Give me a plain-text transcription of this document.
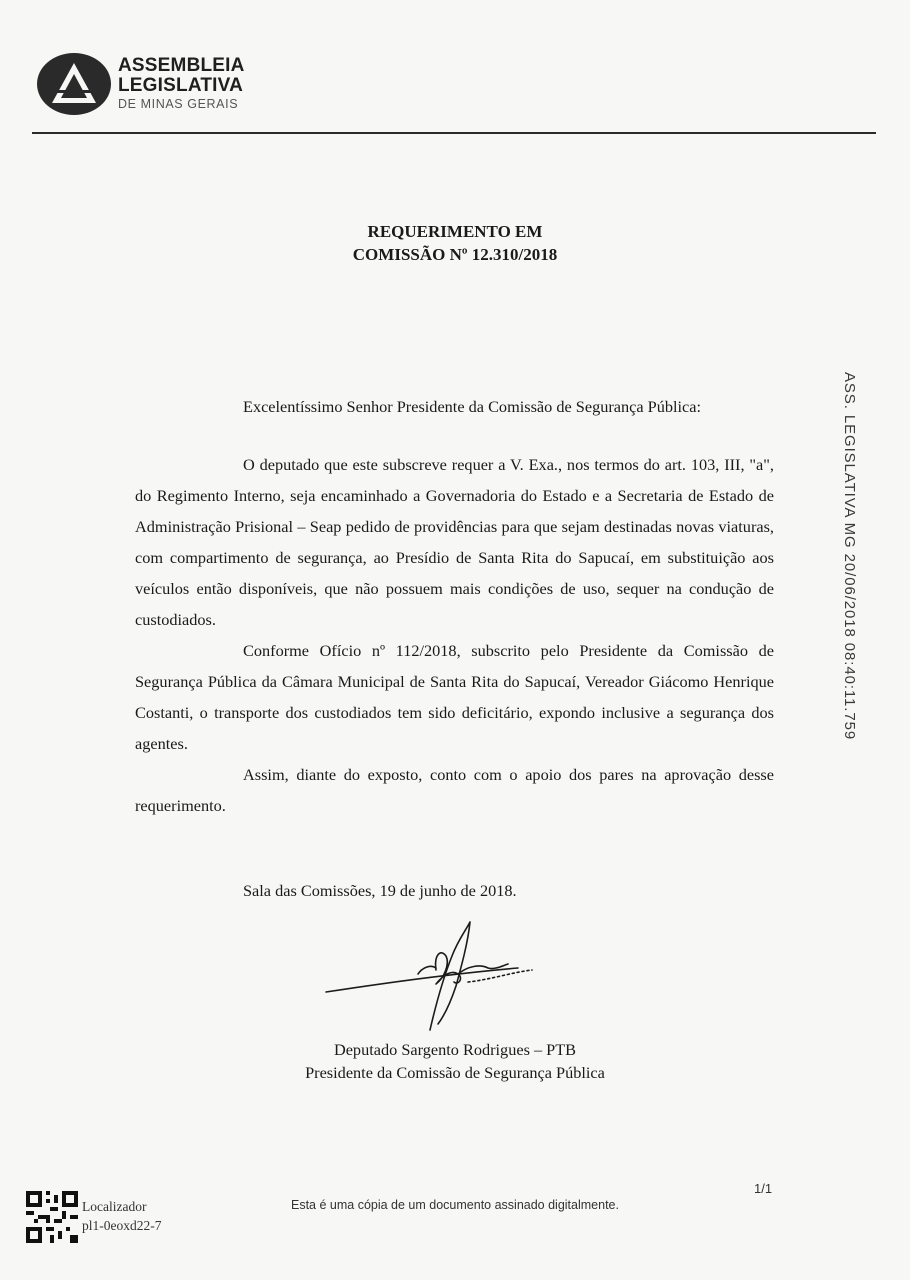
ASSEMBLEIA
LEGISLATIVA
DE MINAS GERAIS
REQUERIMENTO EM
COMISSÃO Nº 12.310/2018
ASS. LEGISLATIVA MG 20/06/2018 08:40:11.759

Excelentíssimo Senhor Presidente da Comissão de Segurança Pública:

O deputado que este subscreve requer a V. Exa., nos termos do art. 103, III, "a", do Regimento Interno, seja encaminhado a Governadoria do Estado e a Secretaria de Estado de Administração Prisional – Seap pedido de providências para que sejam destinadas novas viaturas, com compartimento de segurança, ao Presídio de Santa Rita do Sapucaí, em substituição aos veículos então disponíveis, que não possuem mais condições de uso, sequer na condução de custodiados.

Conforme Ofício nº 112/2018, subscrito pelo Presidente da Comissão de Segurança Pública da Câmara Municipal de Santa Rita do Sapucaí, Vereador Giácomo Henrique Costanti, o transporte dos custodiados tem sido deficitário, expondo inclusive a segurança dos agentes.

Assim, diante do exposto, conto com o apoio dos pares na aprovação desse requerimento.

Sala das Comissões, 19 de junho de 2018.
Deputado Sargento Rodrigues – PTB
Presidente da Comissão de Segurança Pública
1/1
Localizador
pl1-0eoxd22-7
Esta é uma cópia de um documento assinado digitalmente.
